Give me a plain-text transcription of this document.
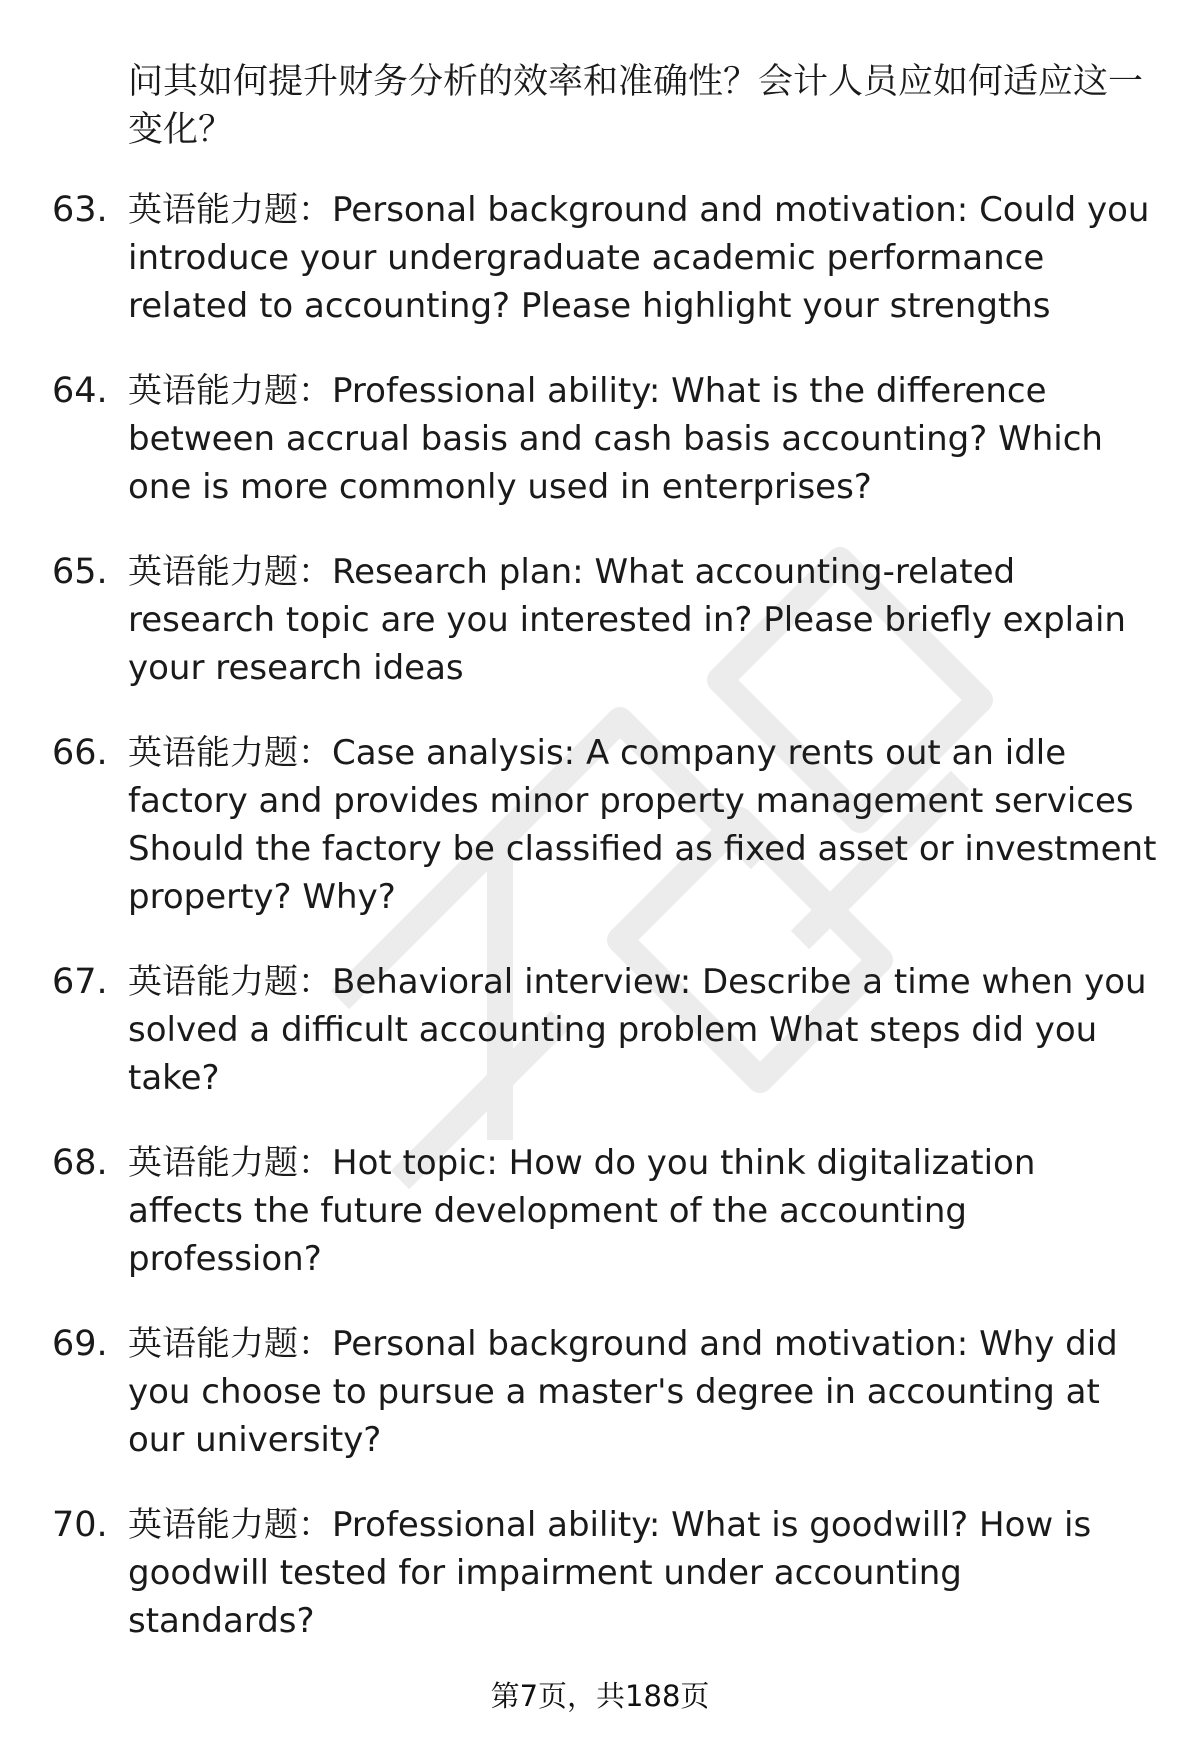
问其如何提升财务分析的效率和准确性？会计人员应如何适应这一变化？
63. 英语能力题：Personal background and motivation: Could you introduce your undergraduate academic performance related to accounting? Please highlight your strengths
64. 英语能力题：Professional ability: What is the difference between accrual basis and cash basis accounting? Which one is more commonly used in enterprises?
65. 英语能力题：Research plan: What accounting-related research topic are you interested in? Please briefly explain your research ideas
66. 英语能力题：Case analysis: A company rents out an idle factory and provides minor property management services Should the factory be classified as fixed asset or investment property? Why?
67. 英语能力题：Behavioral interview: Describe a time when you solved a difficult accounting problem What steps did you take?
68. 英语能力题：Hot topic: How do you think digitalization affects the future development of the accounting profession?
69. 英语能力题：Personal background and motivation: Why did you choose to pursue a master's degree in accounting at our university?
70. 英语能力题：Professional ability: What is goodwill? How is goodwill tested for impairment under accounting standards?
第7页，共188页
